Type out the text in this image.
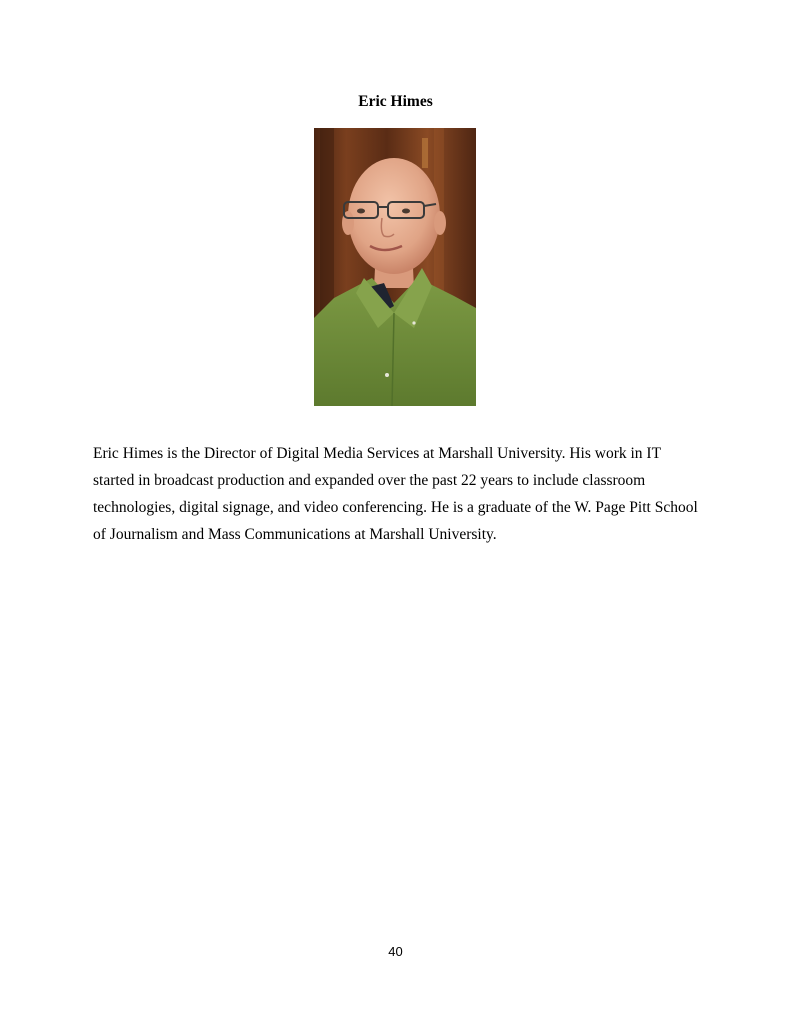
Eric Himes

Eric Himes is the Director of Digital Media Services at Marshall University. His work in IT started in broadcast production and expanded over the past 22 years to include classroom technologies, digital signage, and video conferencing. He is a graduate of the W. Page Pitt School of Journalism and Mass Communications at Marshall University.

40
